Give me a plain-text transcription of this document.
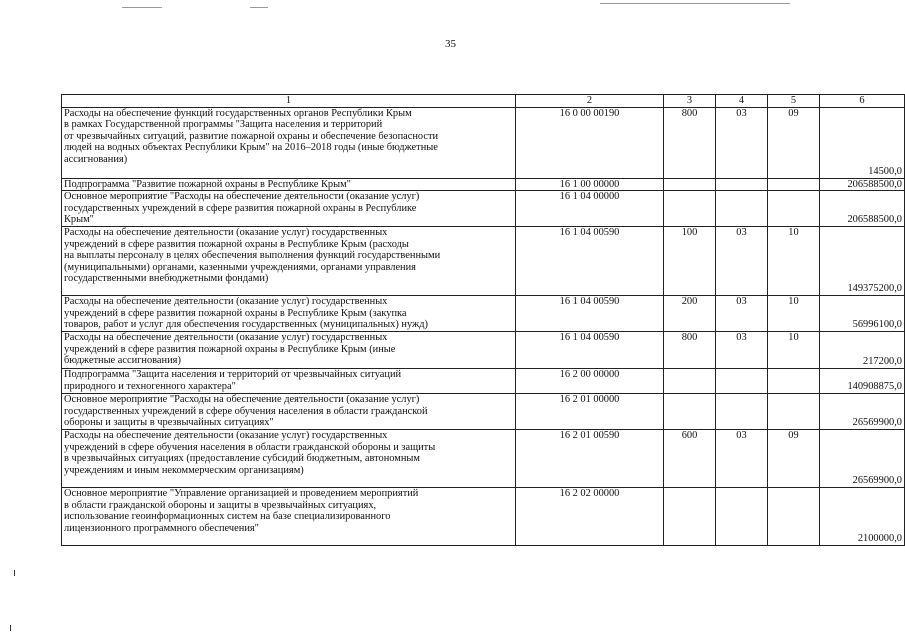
35
1	2	3	4	5	6
Расходы на обеспечение функций государственных органов Республики Крым
в рамках Государственной программы "Защита населения и территорий
от чрезвычайных ситуаций, развитие пожарной охраны и обеспечение безопасности
людей на водных объектах Республики Крым" на 2016–2018 годы (иные бюджетные
ассигнования)	16 0 00 00190	800	03	09	14500,0
Подпрограмма "Развитие пожарной охраны в Республике Крым"	16 1 00 00000				206588500,0
Основное мероприятие "Расходы на обеспечение деятельности (оказание услуг)
государственных учреждений в сфере развития пожарной охраны в Республике
Крым"	16 1 04 00000				206588500,0
Расходы на обеспечение деятельности (оказание услуг) государственных
учреждений в сфере развития пожарной охраны в Республике Крым (расходы
на выплаты персоналу в целях обеспечения выполнения функций государственными
(муниципальными) органами, казенными учреждениями, органами управления
государственными внебюджетными фондами)	16 1 04 00590	100	03	10	149375200,0
Расходы на обеспечение деятельности (оказание услуг) государственных
учреждений в сфере развития пожарной охраны в Республике Крым (закупка
товаров, работ и услуг для обеспечения государственных (муниципальных) нужд)	16 1 04 00590	200	03	10	56996100,0
Расходы на обеспечение деятельности (оказание услуг) государственных
учреждений в сфере развития пожарной охраны в Республике Крым (иные
бюджетные ассигнования)	16 1 04 00590	800	03	10	217200,0
Подпрограмма "Защита населения и территорий от чрезвычайных ситуаций
природного и техногенного характера"	16 2 00 00000				140908875,0
Основное мероприятие "Расходы на обеспечение деятельности (оказание услуг)
государственных учреждений в сфере обучения населения в области гражданской
обороны и защиты в чрезвычайных ситуациях"	16 2 01 00000				26569900,0
Расходы на обеспечение деятельности (оказание услуг) государственных
учреждений в сфере обучения населения в области гражданской обороны и защиты
в чрезвычайных ситуациях (предоставление субсидий бюджетным, автономным
учреждениям и иным некоммерческим организациям)	16 2 01 00590	600	03	09	26569900,0
Основное мероприятие "Управление организацией и проведением мероприятий
в области гражданской обороны и защиты в чрезвычайных ситуациях,
использование геоинформационных систем на базе специализированного
лицензионного программного обеспечения"	16 2 02 00000				2100000,0
